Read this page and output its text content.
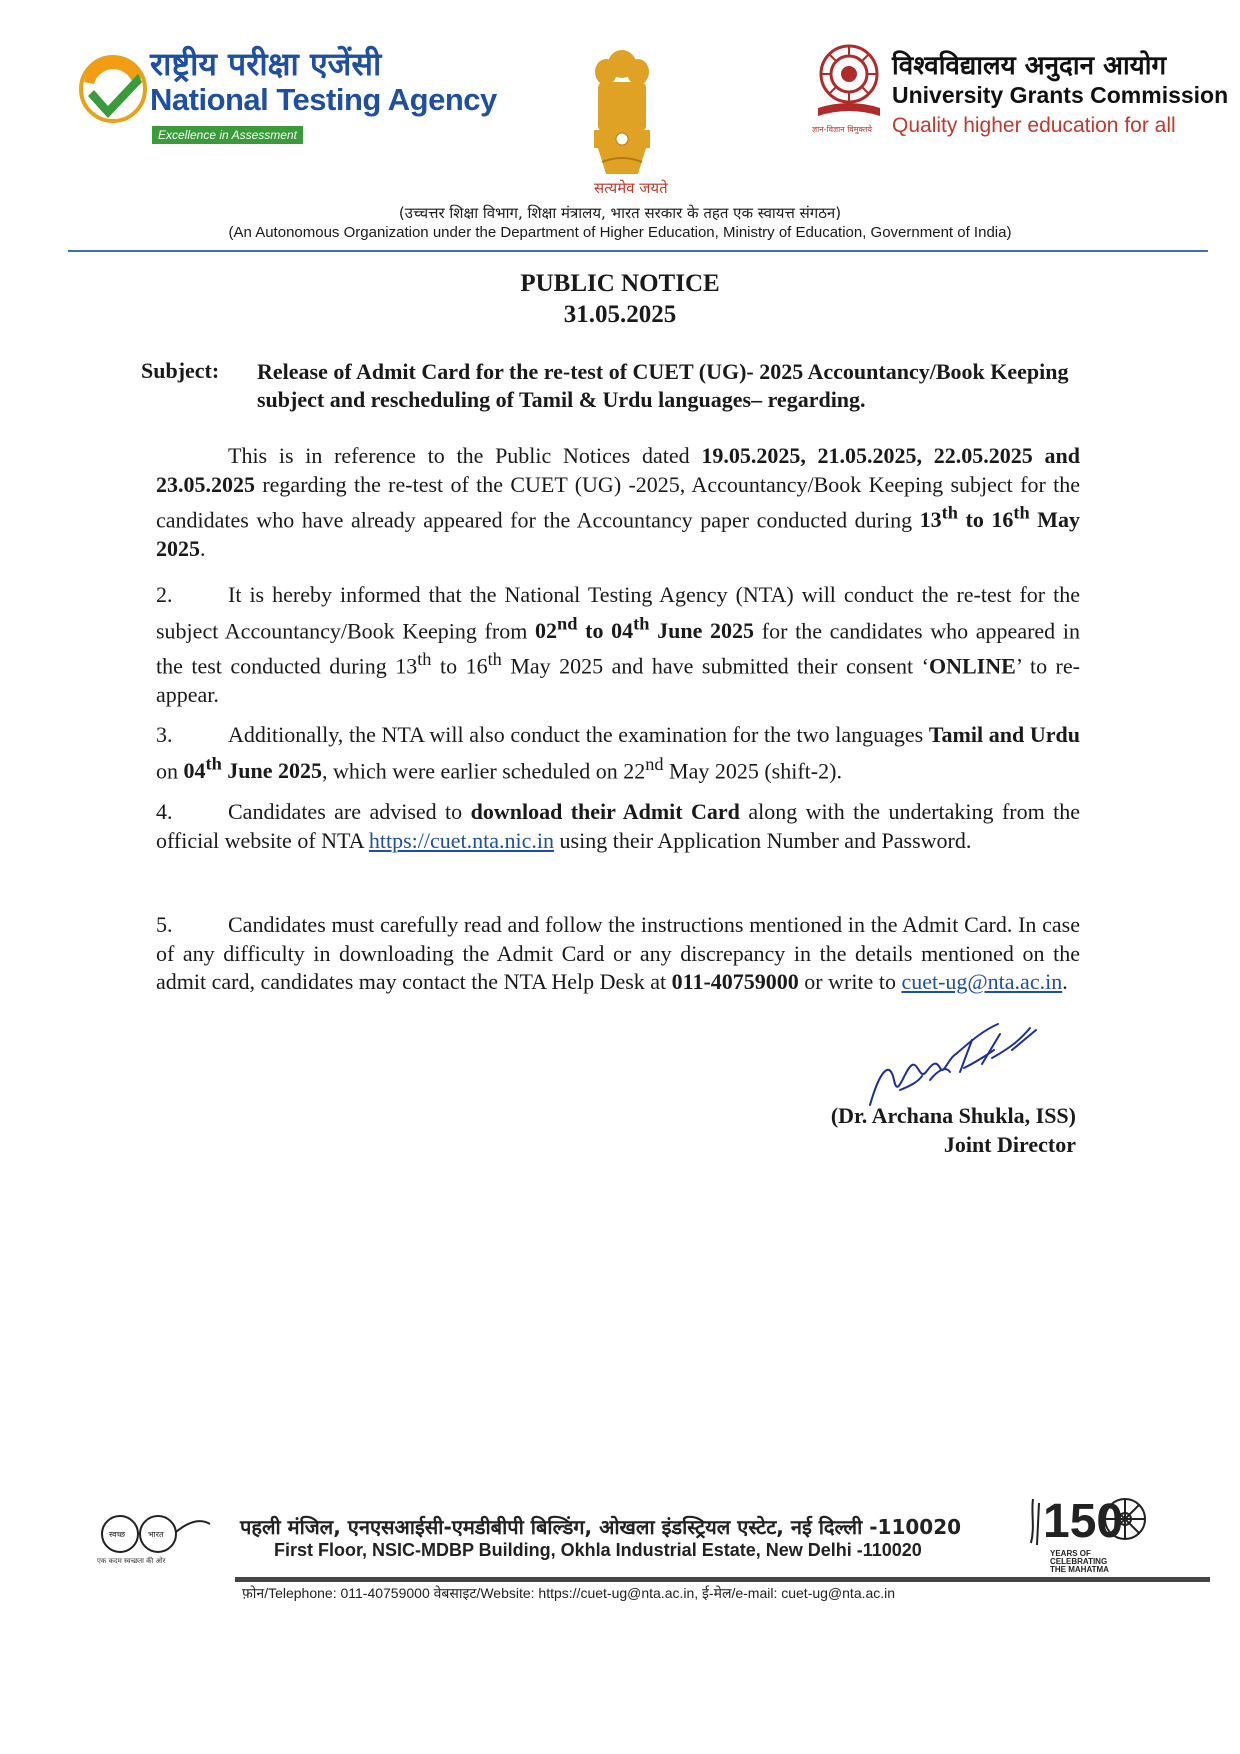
राष्ट्रीय परीक्षा एजेंसी
National Testing Agency
Excellence in Assessment
सत्यमेव जयते
ज्ञान-विज्ञान विमुक्तये
विश्वविद्यालय अनुदान आयोग
University Grants Commission
Quality higher education for all
(उच्चत्तर शिक्षा विभाग, शिक्षा मंत्रालय, भारत सरकार के तहत एक स्वायत्त संगठन)
(An Autonomous Organization under the Department of Higher Education, Ministry of Education, Government of India)
PUBLIC NOTICE
31.05.2025
Subject: Release of Admit Card for the re-test of CUET (UG)- 2025 Accountancy/Book Keeping subject and rescheduling of Tamil & Urdu languages– regarding.
This is in reference to the Public Notices dated 19.05.2025, 21.05.2025, 22.05.2025 and 23.05.2025 regarding the re-test of the CUET (UG) -2025, Accountancy/Book Keeping subject for the candidates who have already appeared for the Accountancy paper conducted during 13th to 16th May 2025.
2.	It is hereby informed that the National Testing Agency (NTA) will conduct the re-test for the subject Accountancy/Book Keeping from 02nd to 04th June 2025 for the candidates who appeared in the test conducted during 13th to 16th May 2025 and have submitted their consent ‘ONLINE’ to re-appear.
3.	Additionally, the NTA will also conduct the examination for the two languages Tamil and Urdu on 04th June 2025, which were earlier scheduled on 22nd May 2025 (shift-2).
4.	Candidates are advised to download their Admit Card along with the undertaking from the official website of NTA https://cuet.nta.nic.in using their Application Number and Password.
5.	Candidates must carefully read and follow the instructions mentioned in the Admit Card. In case of any difficulty in downloading the Admit Card or any discrepancy in the details mentioned on the admit card, candidates may contact the NTA Help Desk at 011-40759000 or write to cuet-ug@nta.ac.in.
(Dr. Archana Shukla, ISS)
Joint Director
स्वच्छ	भारत
एक कदम स्वच्छता की ओर
पहली मंजिल, एनएसआईसी-एमडीबीपी बिल्डिंग, ओखला इंडस्ट्रियल एस्टेट, नई दिल्ली -110020
First Floor, NSIC-MDBP Building, Okhla Industrial Estate, New Delhi -110020
फ़ोन/Telephone: 011-40759000 वेबसाइट/Website: https://cuet-ug@nta.ac.in, ई-मेल/e-mail: cuet-ug@nta.ac.in
150
YEARS OF
CELEBRATING
THE MAHATMA
